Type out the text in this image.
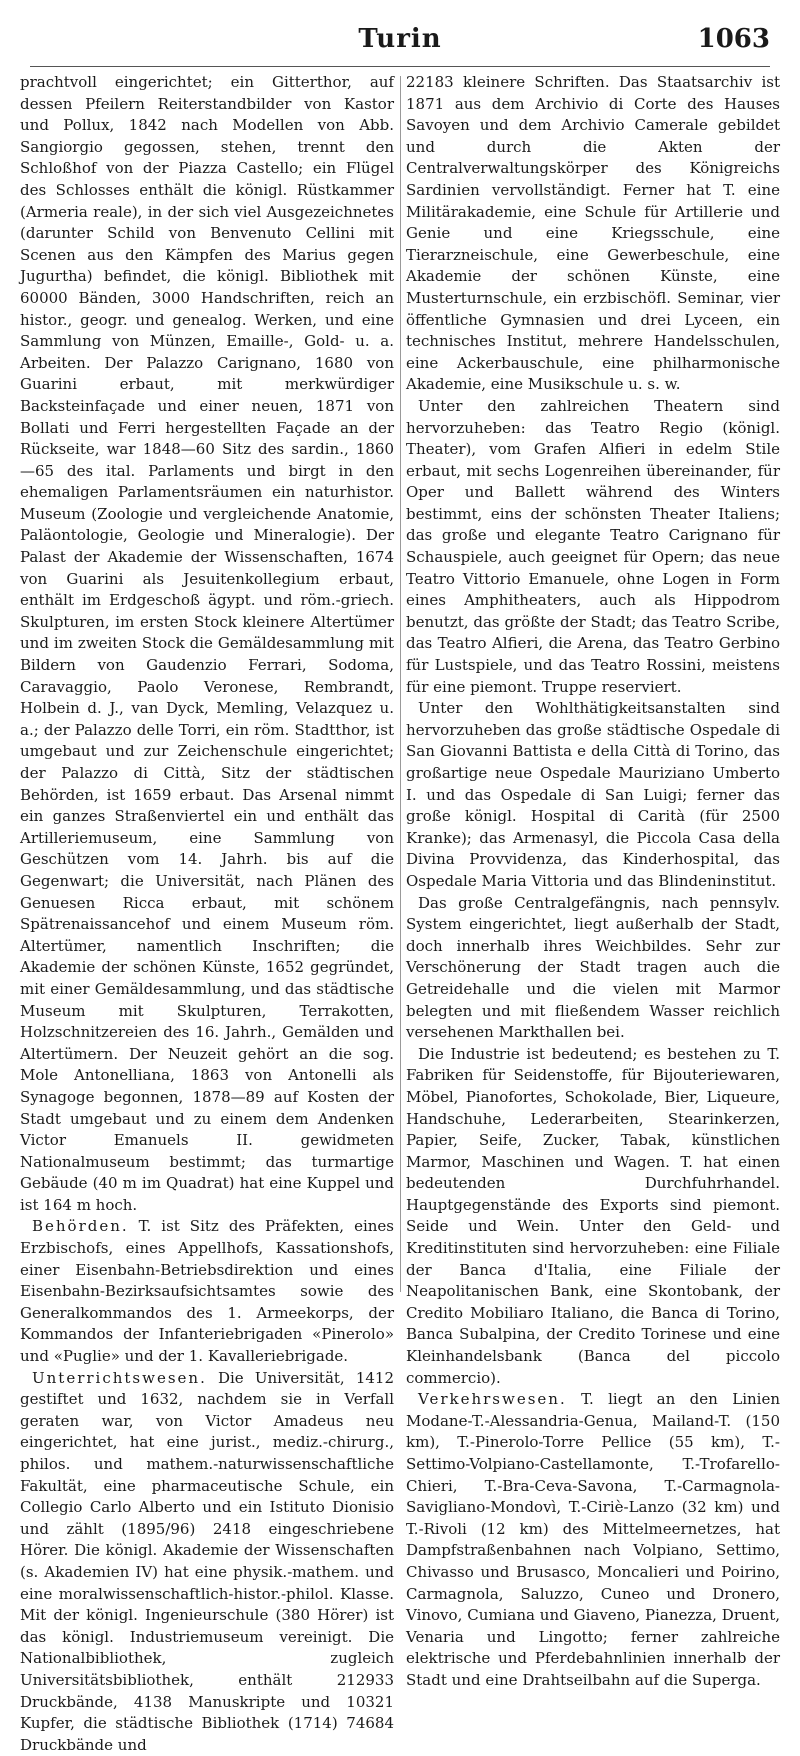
Turin	1063

prachtvoll eingerichtet; ein Gitterthor, auf dessen Pfeilern Reiterstandbilder von Kastor und Pollux, 1842 nach Modellen von Abb. Sangiorgio gegossen, stehen, trennt den Schloßhof von der Piazza Castello; ein Flügel des Schlosses enthält die königl. Rüstkammer (Armeria reale), in der sich viel Ausgezeichnetes (darunter Schild von Benvenuto Cellini mit Scenen aus den Kämpfen des Marius gegen Jugurtha) befindet, die königl. Bibliothek mit 60000 Bänden, 3000 Handschriften, reich an histor., geogr. und genealog. Werken, und eine Sammlung von Münzen, Emaille-, Gold- u. a. Arbeiten. Der Palazzo Carignano, 1680 von Guarini erbaut, mit merkwürdiger Backsteinfaçade und einer neuen, 1871 von Bollati und Ferri hergestellten Façade an der Rückseite, war 1848—60 Sitz des sardin., 1860—65 des ital. Parlaments und birgt in den ehemaligen Parlamentsräumen ein naturhistor. Museum (Zoologie und vergleichende Anatomie, Paläontologie, Geologie und Mineralogie). Der Palast der Akademie der Wissenschaften, 1674 von Guarini als Jesuitenkollegium erbaut, enthält im Erdgeschoß ägypt. und röm.-griech. Skulpturen, im ersten Stock kleinere Altertümer und im zweiten Stock die Gemäldesammlung mit Bildern von Gaudenzio Ferrari, Sodoma, Caravaggio, Paolo Veronese, Rembrandt, Holbein d. J., van Dyck, Memling, Velazquez u. a.; der Palazzo delle Torri, ein röm. Stadtthor, ist umgebaut und zur Zeichenschule eingerichtet; der Palazzo di Città, Sitz der städtischen Behörden, ist 1659 erbaut. Das Arsenal nimmt ein ganzes Straßenviertel ein und enthält das Artilleriemuseum, eine Sammlung von Geschützen vom 14. Jahrh. bis auf die Gegenwart; die Universität, nach Plänen des Genuesen Ricca erbaut, mit schönem Spätrenaissancehof und einem Museum röm. Altertümer, namentlich Inschriften; die Akademie der schönen Künste, 1652 gegründet, mit einer Gemäldesammlung, und das städtische Museum mit Skulpturen, Terrakotten, Holzschnitzereien des 16. Jahrh., Gemälden und Altertümern. Der Neuzeit gehört an die sog. Mole Antonelliana, 1863 von Antonelli als Synagoge begonnen, 1878—89 auf Kosten der Stadt umgebaut und zu einem dem Andenken Victor Emanuels II. gewidmeten Nationalmuseum bestimmt; das turmartige Gebäude (40 m im Quadrat) hat eine Kuppel und ist 164 m hoch.

Behörden. T. ist Sitz des Präfekten, eines Erzbischofs, eines Appellhofs, Kassationshofs, einer Eisenbahn-Betriebsdirektion und eines Eisenbahn-Bezirksaufsichtsamtes sowie des Generalkommandos des 1. Armeekorps, der Kommandos der Infanteriebrigaden «Pinerolo» und «Puglie» und der 1. Kavalleriebrigade.

Unterrichtswesen. Die Universität, 1412 gestiftet und 1632, nachdem sie in Verfall geraten war, von Victor Amadeus neu eingerichtet, hat eine jurist., mediz.-chirurg., philos. und mathem.-naturwissenschaftliche Fakultät, eine pharmaceutische Schule, ein Collegio Carlo Alberto und ein Istituto Dionisio und zählt (1895/96) 2418 eingeschriebene Hörer. Die königl. Akademie der Wissenschaften (s. Akademien IV) hat eine physik.-mathem. und eine moralwissenschaftlich-histor.-philol. Klasse. Mit der königl. Ingenieurschule (380 Hörer) ist das königl. Industriemuseum vereinigt. Die Nationalbibliothek, zugleich Universitätsbibliothek, enthält 212933 Druckbände, 4138 Manuskripte und 10321 Kupfer, die städtische Bibliothek (1714) 74684 Druckbände und

22183 kleinere Schriften. Das Staatsarchiv ist 1871 aus dem Archivio di Corte des Hauses Savoyen und dem Archivio Camerale gebildet und durch die Akten der Centralverwaltungskörper des Königreichs Sardinien vervollständigt. Ferner hat T. eine Militärakademie, eine Schule für Artillerie und Genie und eine Kriegsschule, eine Tierarzneischule, eine Gewerbeschule, eine Akademie der schönen Künste, eine Musterturnschule, ein erzbischöfl. Seminar, vier öffentliche Gymnasien und drei Lyceen, ein technisches Institut, mehrere Handelsschulen, eine Ackerbauschule, eine philharmonische Akademie, eine Musikschule u. s. w.

Unter den zahlreichen Theatern sind hervorzuheben: das Teatro Regio (königl. Theater), vom Grafen Alfieri in edelm Stile erbaut, mit sechs Logenreihen übereinander, für Oper und Ballett während des Winters bestimmt, eins der schönsten Theater Italiens; das große und elegante Teatro Carignano für Schauspiele, auch geeignet für Opern; das neue Teatro Vittorio Emanuele, ohne Logen in Form eines Amphitheaters, auch als Hippodrom benutzt, das größte der Stadt; das Teatro Scribe, das Teatro Alfieri, die Arena, das Teatro Gerbino für Lustspiele, und das Teatro Rossini, meistens für eine piemont. Truppe reserviert.

Unter den Wohlthätigkeitsanstalten sind hervorzuheben das große städtische Ospedale di San Giovanni Battista e della Città di Torino, das großartige neue Ospedale Mauriziano Umberto I. und das Ospedale di San Luigi; ferner das große königl. Hospital di Carità (für 2500 Kranke); das Armenasyl, die Piccola Casa della Divina Provvidenza, das Kinderhospital, das Ospedale Maria Vittoria und das Blindeninstitut.

Das große Centralgefängnis, nach pennsylv. System eingerichtet, liegt außerhalb der Stadt, doch innerhalb ihres Weichbildes. Sehr zur Verschönerung der Stadt tragen auch die Getreidehalle und die vielen mit Marmor belegten und mit fließendem Wasser reichlich versehenen Markthallen bei.

Die Industrie ist bedeutend; es bestehen zu T. Fabriken für Seidenstoffe, für Bijouteriewaren, Möbel, Pianofortes, Schokolade, Bier, Liqueure, Handschuhe, Lederarbeiten, Stearinkerzen, Papier, Seife, Zucker, Tabak, künstlichen Marmor, Maschinen und Wagen. T. hat einen bedeutenden Durchfuhrhandel. Hauptgegenstände des Exports sind piemont. Seide und Wein. Unter den Geld- und Kreditinstituten sind hervorzuheben: eine Filiale der Banca d'Italia, eine Filiale der Neapolitanischen Bank, eine Skontobank, der Credito Mobiliaro Italiano, die Banca di Torino, Banca Subalpina, der Credito Torinese und eine Kleinhandelsbank (Banca del piccolo commercio).

Verkehrswesen. T. liegt an den Linien Modane-T.-Alessandria-Genua, Mailand-T. (150 km), T.-Pinerolo-Torre Pellice (55 km), T.-Settimo-Volpiano-Castellamonte, T.-Trofarello-Chieri, T.-Bra-Ceva-Savona, T.-Carmagnola-Savigliano-Mondovì, T.-Ciriè-Lanzo (32 km) und T.-Rivoli (12 km) des Mittelmeernetzes, hat Dampfstraßenbahnen nach Volpiano, Settimo, Chivasso und Brusasco, Moncalieri und Poirino, Carmagnola, Saluzzo, Cuneo und Dronero, Vinovo, Cumiana und Giaveno, Pianezza, Druent, Venaria und Lingotto; ferner zahlreiche elektrische und Pferdebahnlinien innerhalb der Stadt und eine Drahtseilbahn auf die Superga.
